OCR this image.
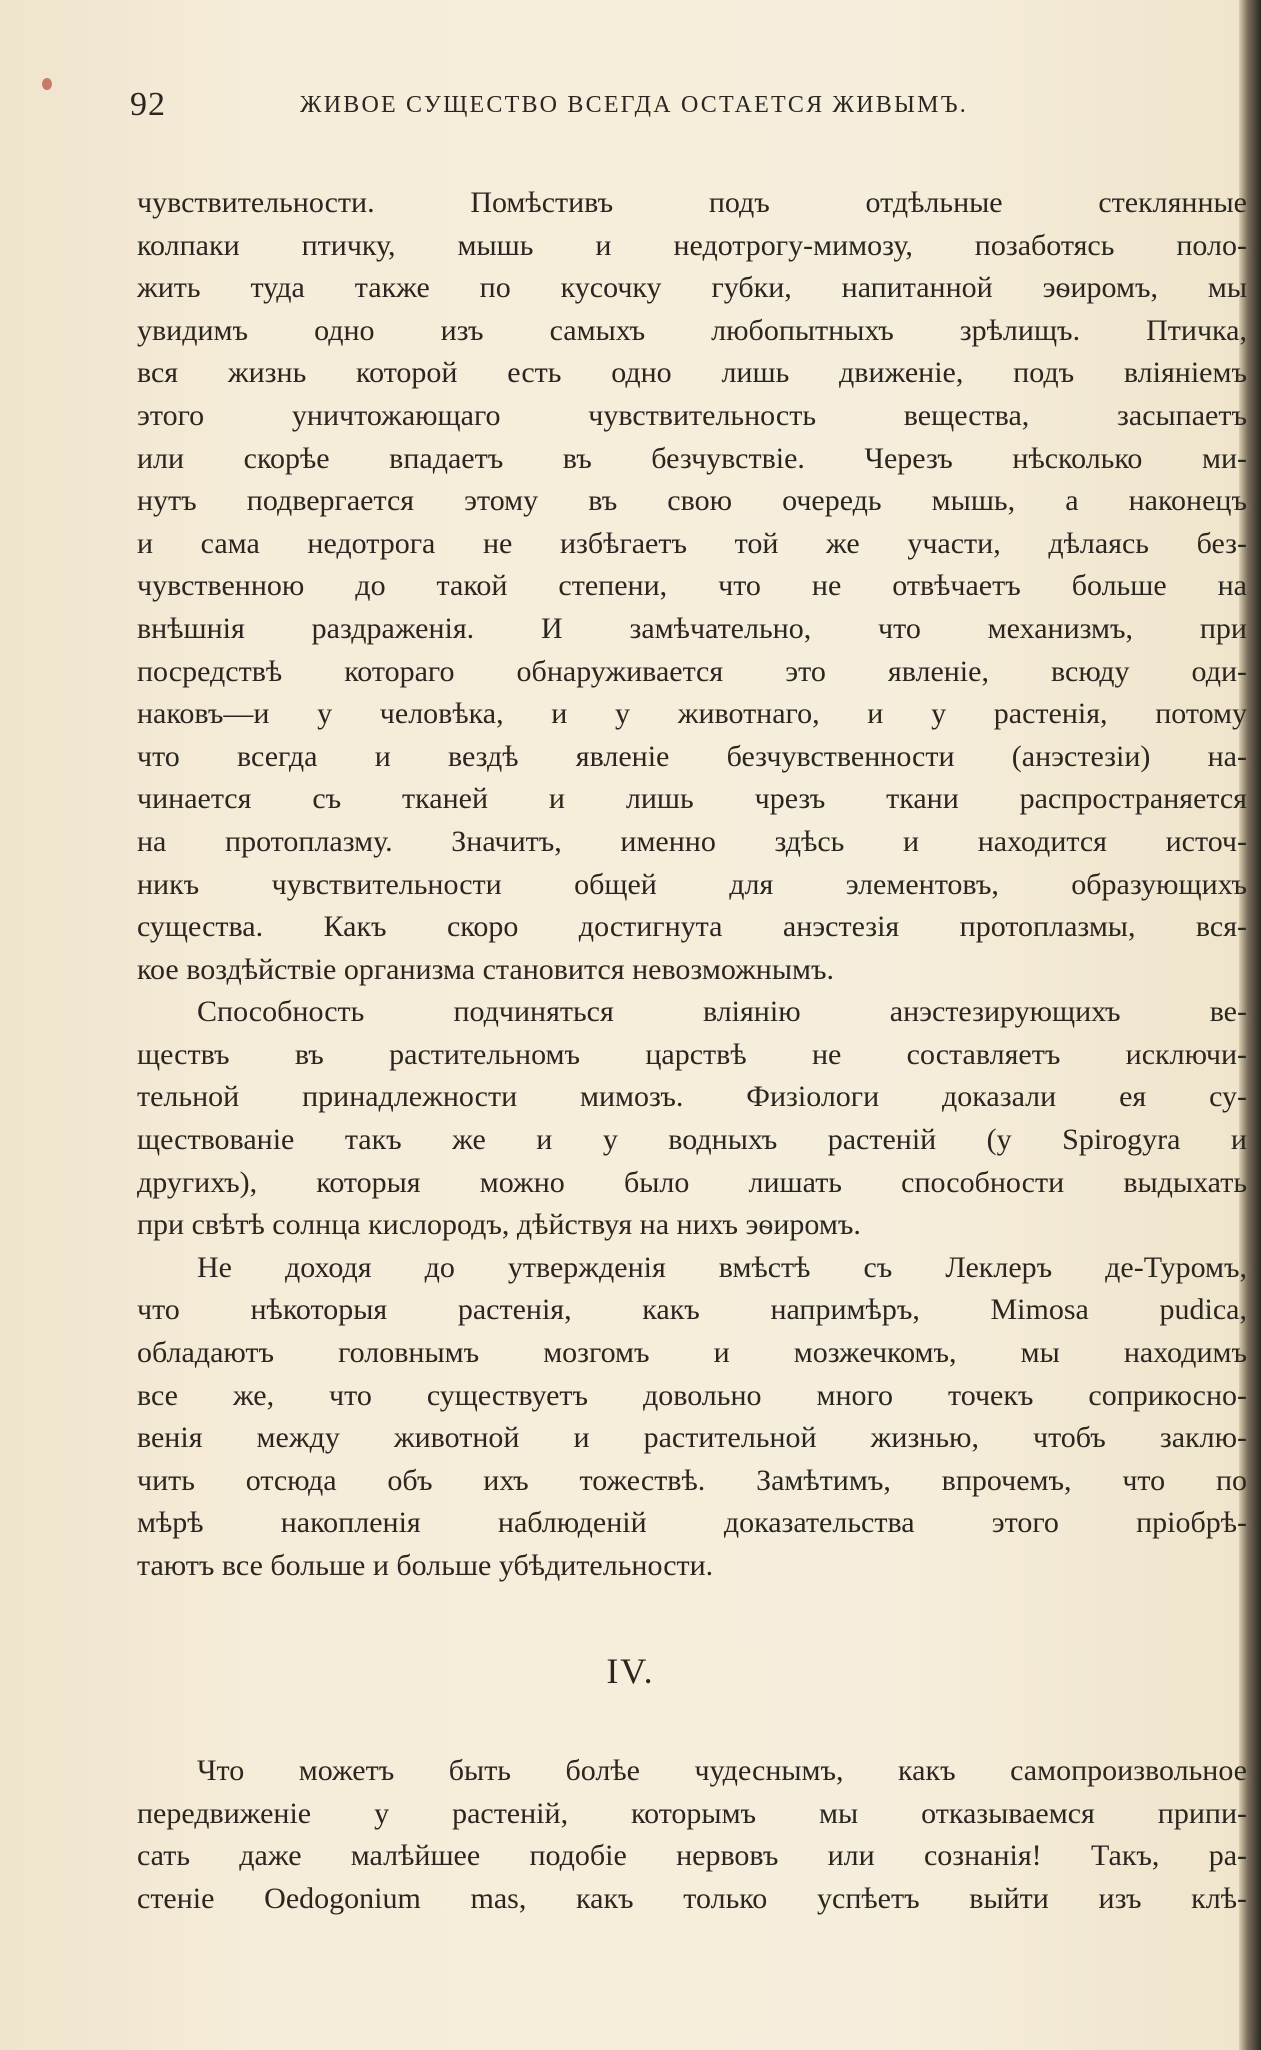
92	ЖИВОЕ СУЩЕСТВО ВСЕГДА ОСТАЕТСЯ ЖИВЫМЪ.
чувствительности. Помѣстивъ подъ отдѣльные стеклянные
колпаки птичку, мышь и недотрогу-мимозу, позаботясь поло-
жить туда также по кусочку губки, напитанной эѳиромъ, мы
увидимъ одно изъ самыхъ любопытныхъ зрѣлищъ. Птичка,
вся жизнь которой есть одно лишь движеніе, подъ вліяніемъ
этого уничтожающаго чувствительность вещества, засыпаетъ
или скорѣе впадаетъ въ безчувствіе. Черезъ нѣсколько ми-
нутъ подвергается этому въ свою очередь мышь, а наконецъ
и сама недотрога не избѣгаетъ той же участи, дѣлаясь без-
чувственною до такой степени, что не отвѣчаетъ больше на
внѣшнія раздраженія. И замѣчательно, что механизмъ, при
посредствѣ котораго обнаруживается это явленіе, всюду оди-
наковъ—и у человѣка, и у животнаго, и у растенія, потому
что всегда и вездѣ явленіе безчувственности (анэстезіи) на-
чинается съ тканей и лишь чрезъ ткани распространяется
на протоплазму. Значитъ, именно здѣсь и находится источ-
никъ чувствительности общей для элементовъ, образующихъ
существа. Какъ скоро достигнута анэстезія протоплазмы, вся-
кое воздѣйствіе организма становится невозможнымъ.
Способность подчиняться вліянію анэстезирующихъ ве-
ществъ въ растительномъ царствѣ не составляетъ исключи-
тельной принадлежности мимозъ. Физіологи доказали ея су-
ществованіе такъ же и у водныхъ растеній (у Spirogyra и
другихъ), которыя можно было лишать способности выдыхать
при свѣтѣ солнца кислородъ, дѣйствуя на нихъ эѳиромъ.
Не доходя до утвержденія вмѣстѣ съ Леклеръ де-Туромъ,
что нѣкоторыя растенія, какъ напримѣръ, Mimosa pudica,
обладаютъ головнымъ мозгомъ и мозжечкомъ, мы находимъ
все же, что существуетъ довольно много точекъ соприкосно-
венія между животной и растительной жизнью, чтобъ заклю-
чить отсюда объ ихъ тожествѣ. Замѣтимъ, впрочемъ, что по
мѣрѣ накопленія наблюденій доказательства этого пріобрѣ-
таютъ все больше и больше убѣдительности.
IV.
Что можетъ быть болѣе чудеснымъ, какъ самопроизвольное
передвиженіе у растеній, которымъ мы отказываемся припи-
сать даже малѣйшее подобіе нервовъ или сознанія! Такъ, ра-
стеніе Oedogonium mas, какъ только успѣетъ выйти изъ клѣ-
